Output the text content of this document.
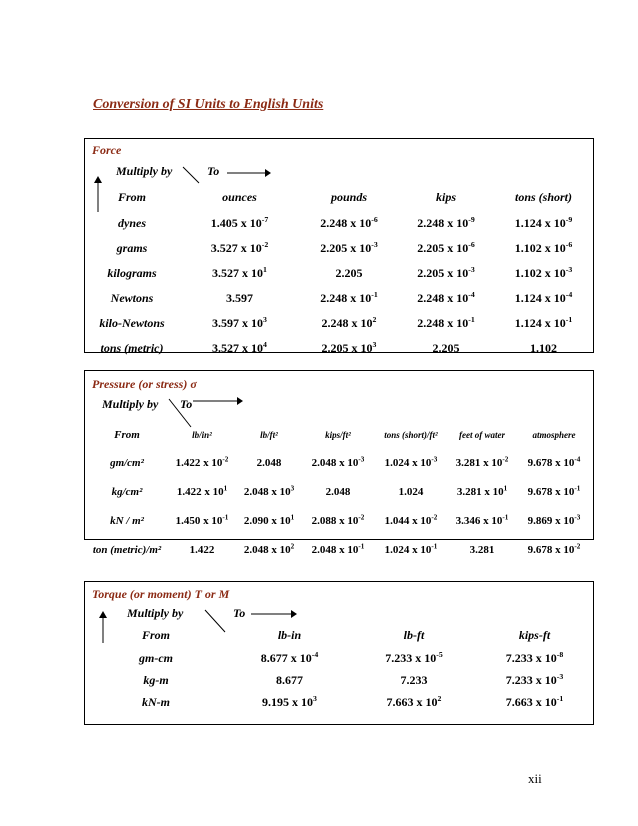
Conversion of SI Units to English Units
Force
Multiply by	To
From	ounces	pounds	kips	tons (short)
dynes	1.405 x $10^{-7}$	2.248 x $10^{-6}$	2.248 x $10^{-9}$	1.124 x $10^{-9}$
grams	3.527 x $10^{-2}$	2.205 x $10^{-3}$	2.205 x $10^{-6}$	1.102 x $10^{-6}$
kilograms	3.527 x $10^1$	2.205	2.205 x $10^{-3}$	1.102 x $10^{-3}$
Newtons	3.597	2.248 x $10^{-1}$	2.248 x $10^{-4}$	1.124 x $10^{-4}$
kilo-Newtons	3.597 x $10^3$	2.248 x $10^2$	2.248 x $10^{-1}$	1.124 x $10^{-1}$
tons (metric)	3.527 x $10^4$	2.205 x $10^3$	2.205	1.102
Pressure (or stress) σ
Multiply by To
From	lb/in²	lb/ft²	kips/ft²	tons (short)/ft²	feet of water	atmosphere
gm/cm²	1.422 x $10^{-2}$	2.048	2.048 x $10^{-3}$	1.024 x $10^{-3}$	3.281 x $10^{-2}$	9.678 x $10^{-4}$
kg/cm²	1.422 x $10^1$	2.048 x $10^3$	2.048	1.024	3.281 x $10^1$	9.678 x $10^{-1}$
kN / m²	1.450 x $10^{-1}$	2.090 x $10^1$	2.088 x $10^{-2}$	1.044 x $10^{-2}$	3.346 x $10^{-1}$	9.869 x $10^{-3}$
ton (metric)/m²	1.422	2.048 x $10^2$	2.048 x $10^{-1}$	1.024 x $10^{-1}$	3.281	9.678 x $10^{-2}$
Torque (or moment) T or M
Multiply by	To
From	lb-in	lb-ft	kips-ft
gm-cm	8.677 x $10^{-4}$	7.233 x $10^{-5}$	7.233 x $10^{-8}$
kg-m	8.677	7.233	7.233 x $10^{-3}$
kN-m	9.195 x $10^3$	7.663 x $10^2$	7.663 x $10^{-1}$
xii
